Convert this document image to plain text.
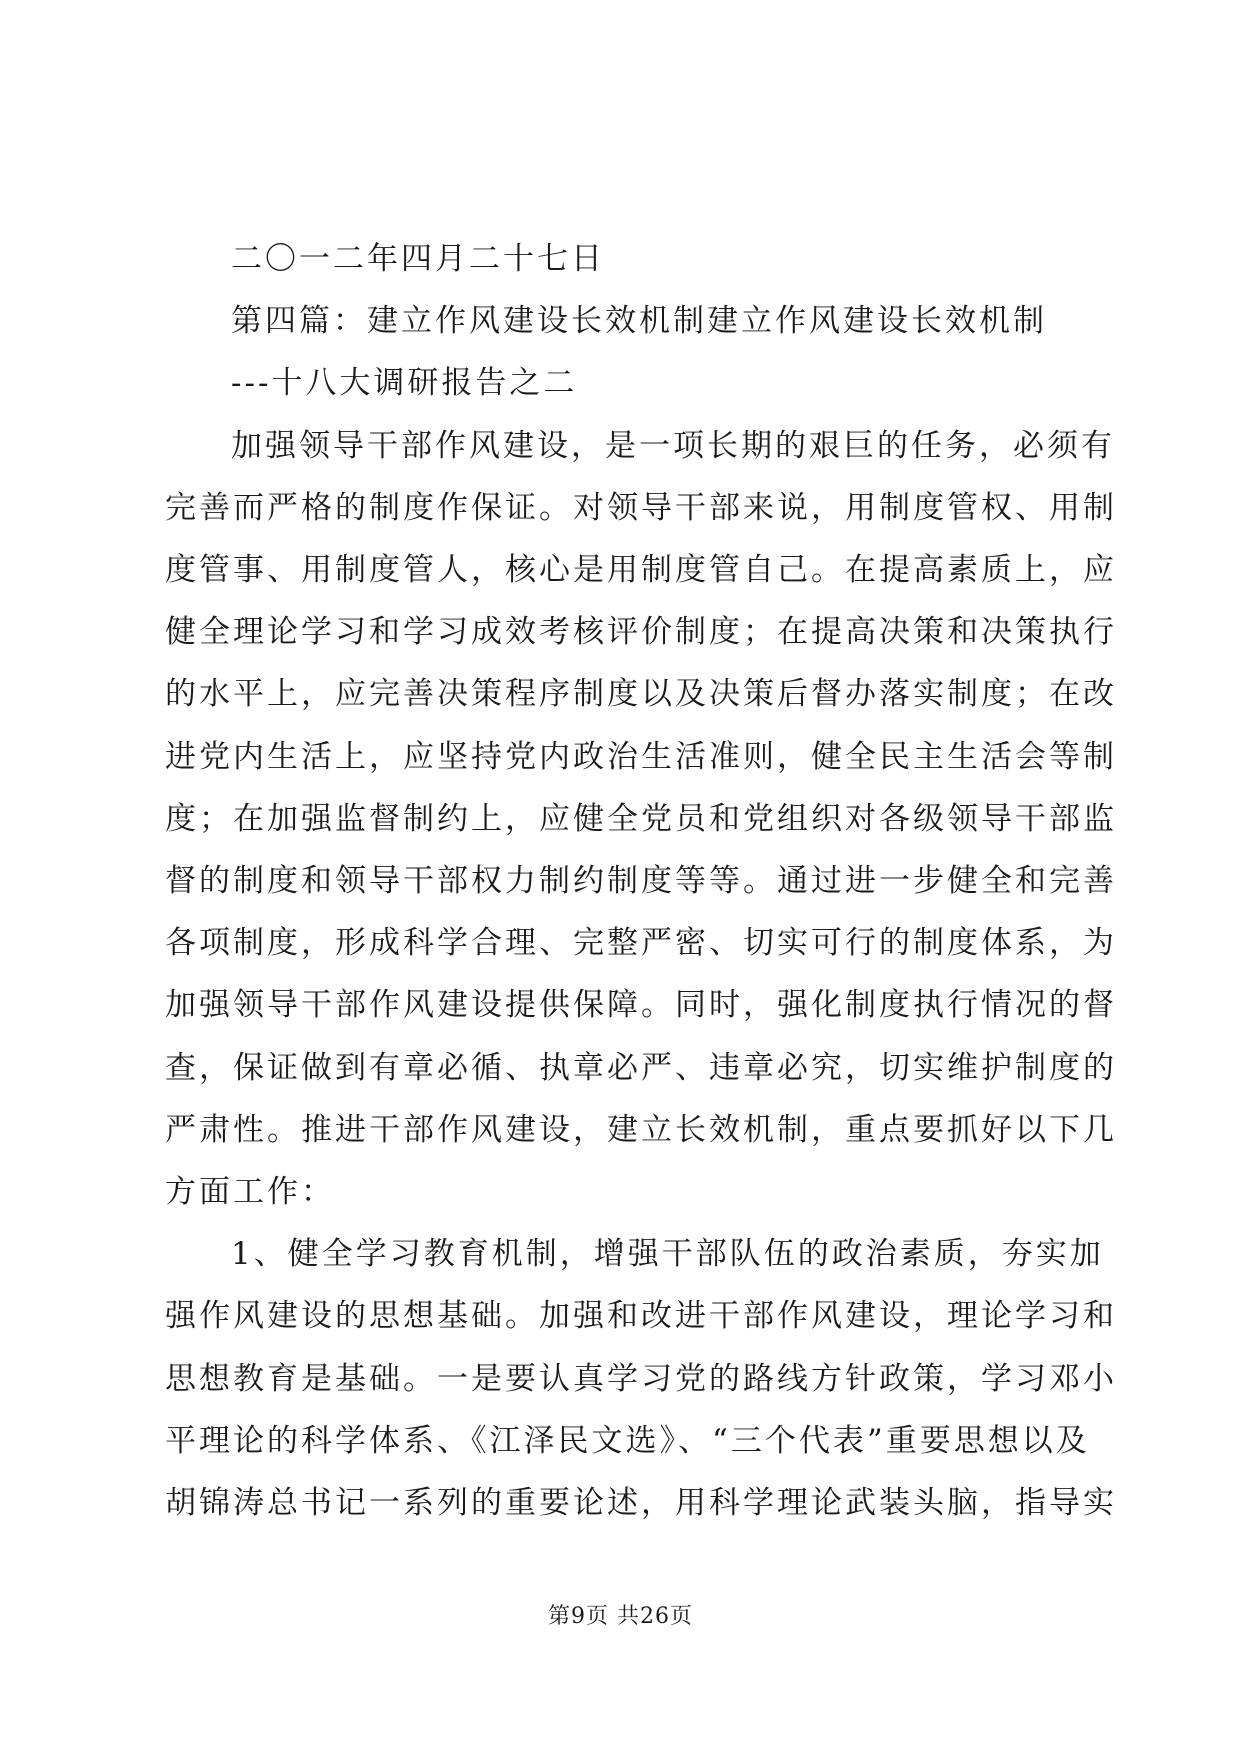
二〇一二年四月二十七日
第四篇：建立作风建设长效机制建立作风建设长效机制
---十八大调研报告之二
加强领导干部作风建设，是一项长期的艰巨的任务，必须有
完善而严格的制度作保证。对领导干部来说，用制度管权、用制
度管事、用制度管人，核心是用制度管自己。在提高素质上，应
健全理论学习和学习成效考核评价制度；在提高决策和决策执行
的水平上，应完善决策程序制度以及决策后督办落实制度；在改
进党内生活上，应坚持党内政治生活准则，健全民主生活会等制
度；在加强监督制约上，应健全党员和党组织对各级领导干部监
督的制度和领导干部权力制约制度等等。通过进一步健全和完善
各项制度，形成科学合理、完整严密、切实可行的制度体系，为
加强领导干部作风建设提供保障。同时，强化制度执行情况的督
查，保证做到有章必循、执章必严、违章必究，切实维护制度的
严肃性。推进干部作风建设，建立长效机制，重点要抓好以下几
方面工作：
1、健全学习教育机制，增强干部队伍的政治素质，夯实加
强作风建设的思想基础。加强和改进干部作风建设，理论学习和
思想教育是基础。一是要认真学习党的路线方针政策，学习邓小
平理论的科学体系、《江泽民文选》、“三个代表”重要思想以及
胡锦涛总书记一系列的重要论述，用科学理论武装头脑，指导实
第9页 共26页
